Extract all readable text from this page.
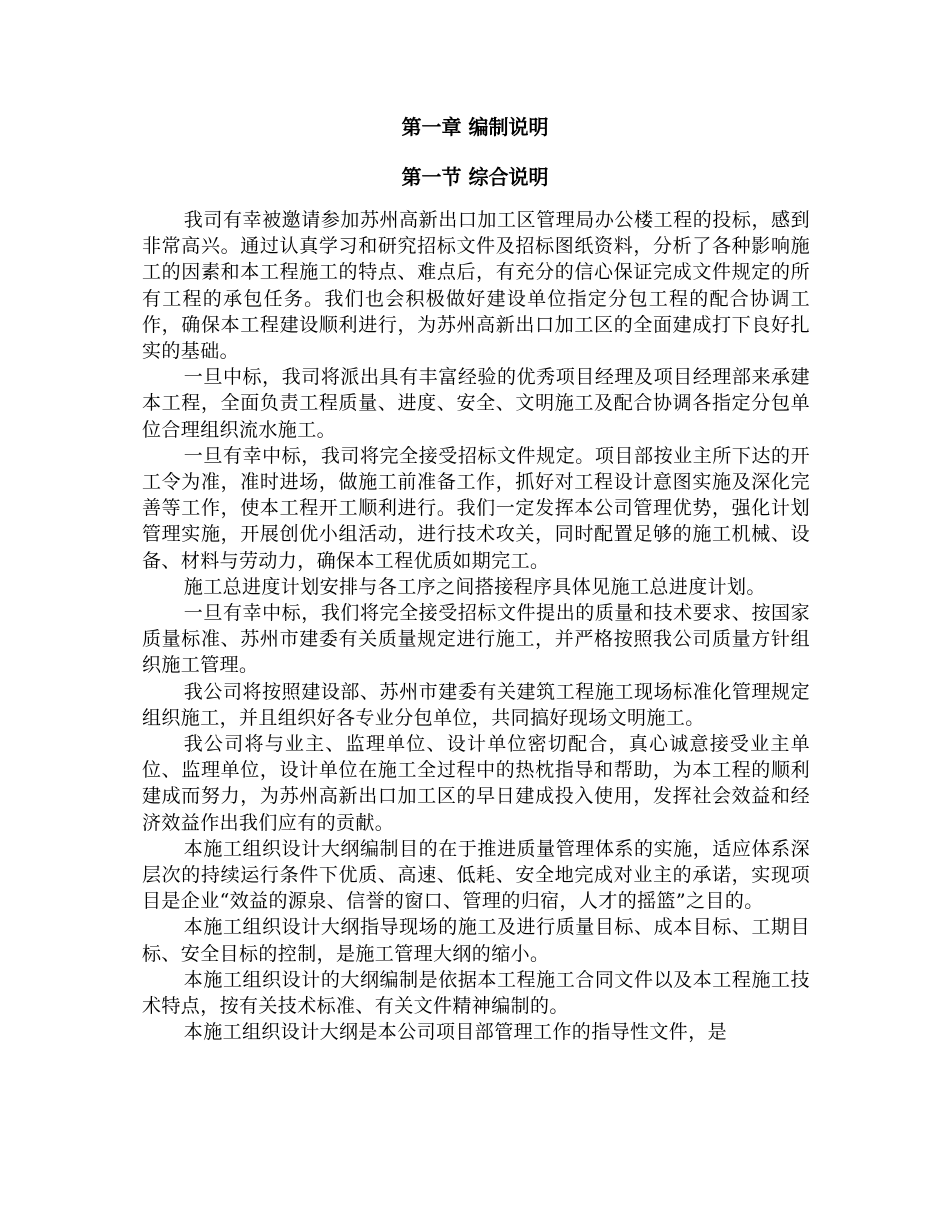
第一章 编制说明
第一节 综合说明

我司有幸被邀请参加苏州高新出口加工区管理局办公楼工程的投标，感到非常高兴。通过认真学习和研究招标文件及招标图纸资料，分析了各种影响施工的因素和本工程施工的特点、难点后，有充分的信心保证完成文件规定的所有工程的承包任务。我们也会积极做好建设单位指定分包工程的配合协调工作，确保本工程建设顺利进行，为苏州高新出口加工区的全面建成打下良好扎实的基础。

一旦中标，我司将派出具有丰富经验的优秀项目经理及项目经理部来承建本工程，全面负责工程质量、进度、安全、文明施工及配合协调各指定分包单位合理组织流水施工。

一旦有幸中标，我司将完全接受招标文件规定。项目部按业主所下达的开工令为准，准时进场，做施工前准备工作，抓好对工程设计意图实施及深化完善等工作，使本工程开工顺利进行。我们一定发挥本公司管理优势，强化计划管理实施，开展创优小组活动，进行技术攻关，同时配置足够的施工机械、设备、材料与劳动力，确保本工程优质如期完工。

施工总进度计划安排与各工序之间搭接程序具体见施工总进度计划。

一旦有幸中标，我们将完全接受招标文件提出的质量和技术要求、按国家质量标准、苏州市建委有关质量规定进行施工，并严格按照我公司质量方针组织施工管理。

我公司将按照建设部、苏州市建委有关建筑工程施工现场标准化管理规定组织施工，并且组织好各专业分包单位，共同搞好现场文明施工。

我公司将与业主、监理单位、设计单位密切配合，真心诚意接受业主单位、监理单位，设计单位在施工全过程中的热枕指导和帮助，为本工程的顺利建成而努力，为苏州高新出口加工区的早日建成投入使用，发挥社会效益和经济效益作出我们应有的贡献。

本施工组织设计大纲编制目的在于推进质量管理体系的实施，适应体系深层次的持续运行条件下优质、高速、低耗、安全地完成对业主的承诺，实现项目是企业“效益的源泉、信誉的窗口、管理的归宿，人才的摇篮”之目的。

本施工组织设计大纲指导现场的施工及进行质量目标、成本目标、工期目标、安全目标的控制，是施工管理大纲的缩小。

本施工组织设计的大纲编制是依据本工程施工合同文件以及本工程施工技术特点，按有关技术标准、有关文件精神编制的。

本施工组织设计大纲是本公司项目部管理工作的指导性文件，是
